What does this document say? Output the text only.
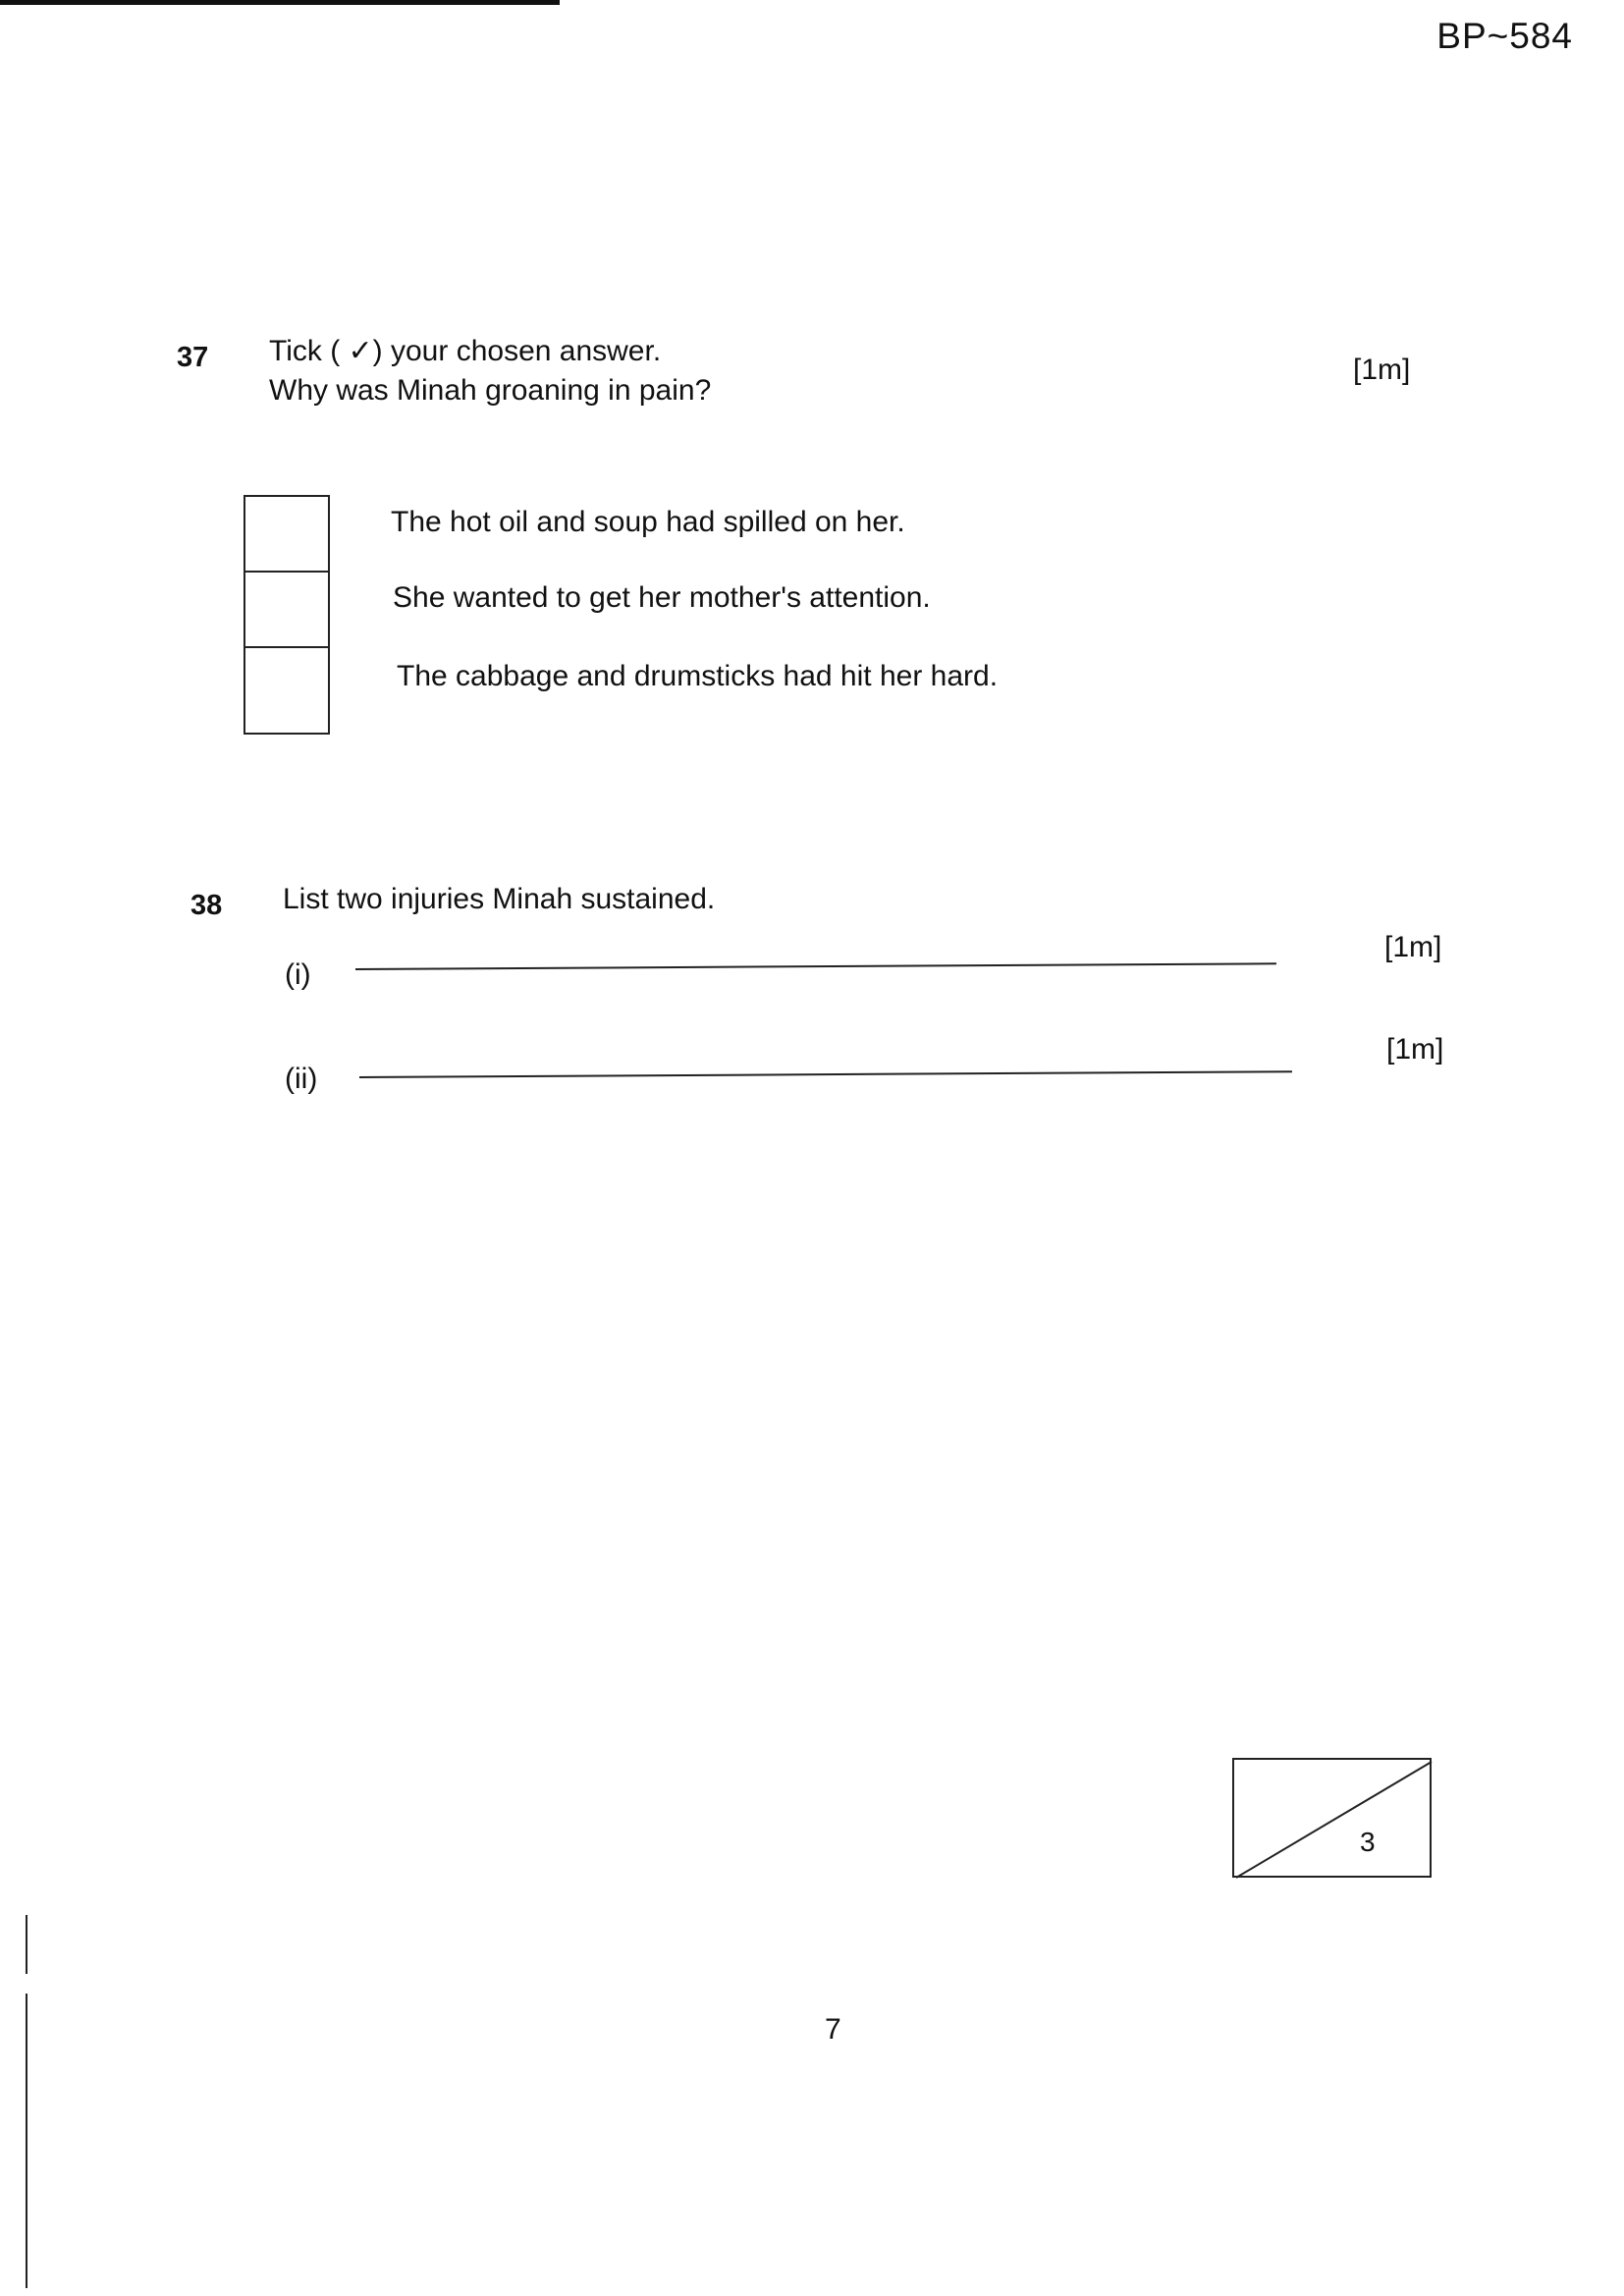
BP~584
37 Tick ( ✓) your chosen answer.
Why was Minah groaning in pain?
[1m]
The hot oil and soup had spilled on her.
She wanted to get her mother's attention.
The cabbage and drumsticks had hit her hard.
38 List two injuries Minah sustained.
(i)
[1m]
(ii)
[1m]
3
7
